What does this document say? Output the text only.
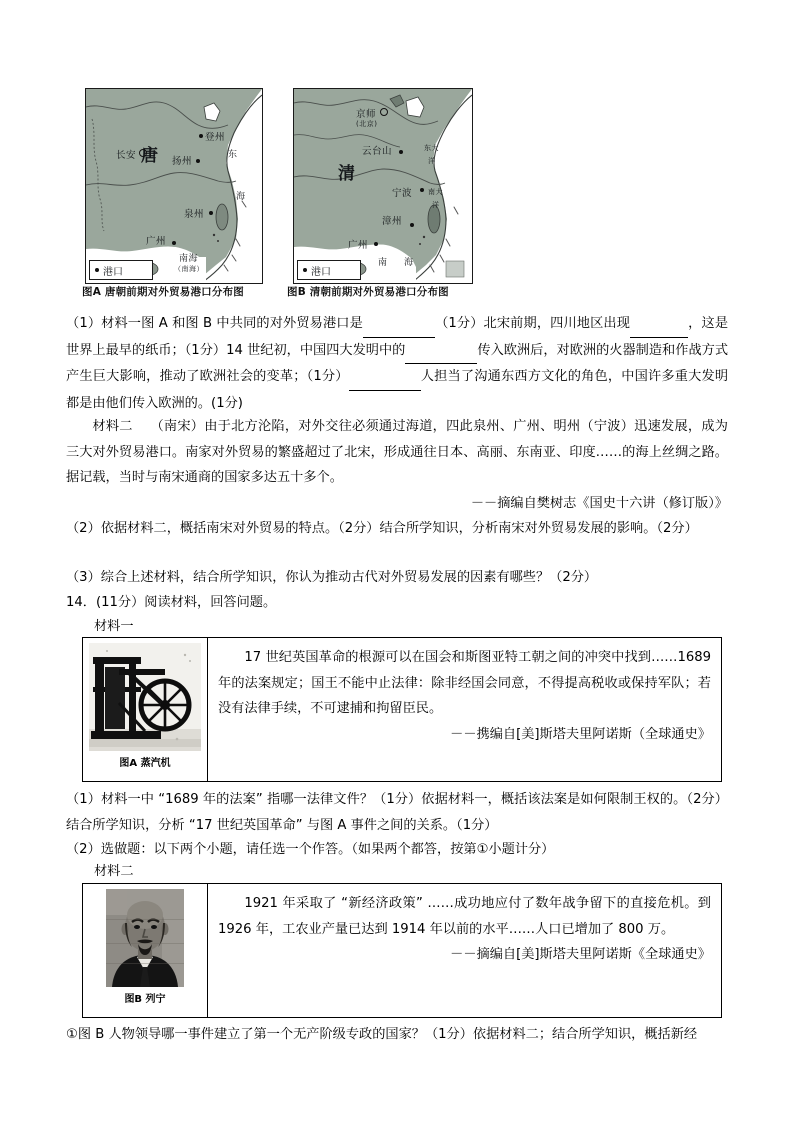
唐
长安
登州
扬州
泉州
广州
东
海
南海
（南海）
港口
清
京师
(北京)
云台山
宁波
漳州
广州
东大
洋
南大
洋
南 海
港口
图A 唐朝前期对外贸易港口分布图	图B 清朝前期对外贸易港口分布图
（1）材料一图 A 和图 B 中共同的对外贸易港口是	（1分）北宋前期，四川地区出现	，这是世界上最早的纸币；（1分）14 世纪初，中国四大发明中的	传入欧洲后，对欧洲的火器制造和作战方式产生巨大影响，推动了欧洲社会的变革；（1分）	人担当了沟通东西方文化的角色，中国许多重大发明都是由他们传入欧洲的。(1分)
材料二 （南宋）由于北方沦陷，对外交往必须通过海道，四此泉州、广州、明州（宁波）迅速发展，成为三大对外贸易港口。南家对外贸易的繁盛超过了北宋，形成通往日本、高丽、东南亚、印度……的海上丝绸之路。据记载，当时与南宋通商的国家多达五十多个。
－－摘编自樊树志《国史十六讲（修订版）》
（2）依据材料二，概括南宋对外贸易的特点。（2分）结合所学知识，分析南宋对外贸易发展的影响。（2分）
（3）综合上述材料，结合所学知识，你认为推动古代对外贸易发展的因素有哪些？（2分）
14．(11分）阅读材料，回答问题。
材料一
图A 蒸汽机
17 世纪英国革命的根源可以在国会和斯图亚特工朝之间的冲突中找到……1689 年的法案规定；国王不能中止法律：除非经国会同意，不得提高税收或保持军队；若没有法律手续，不可逮捕和拘留臣民。
－－携编自[美]斯塔夫里阿诺斯（全球通史》
（1）材料一中 “1689 年的法案” 指哪一法律文件？（1分）依据材料一，概括该法案是如何限制王权的。（2分）结合所学知识，分析 “17 世纪英国革命” 与图 A 事件之间的关系。（1分）
（2）选做题：以下两个小题，请任选一个作答。（如果两个都答，按第①小题计分）
材料二
图B 列宁
1921 年采取了 “新经济政策” ……成功地应付了数年战争留下的直接危机。到 1926 年，工农业产量已达到 1914 年以前的水平……人口已增加了 800 万。
－－摘编自[美]斯塔夫里阿诺斯《全球通史》
①图 B 人物领导哪一事件建立了第一个无产阶级专政的国家？（1分）依据材料二；结合所学知识，概括新经
